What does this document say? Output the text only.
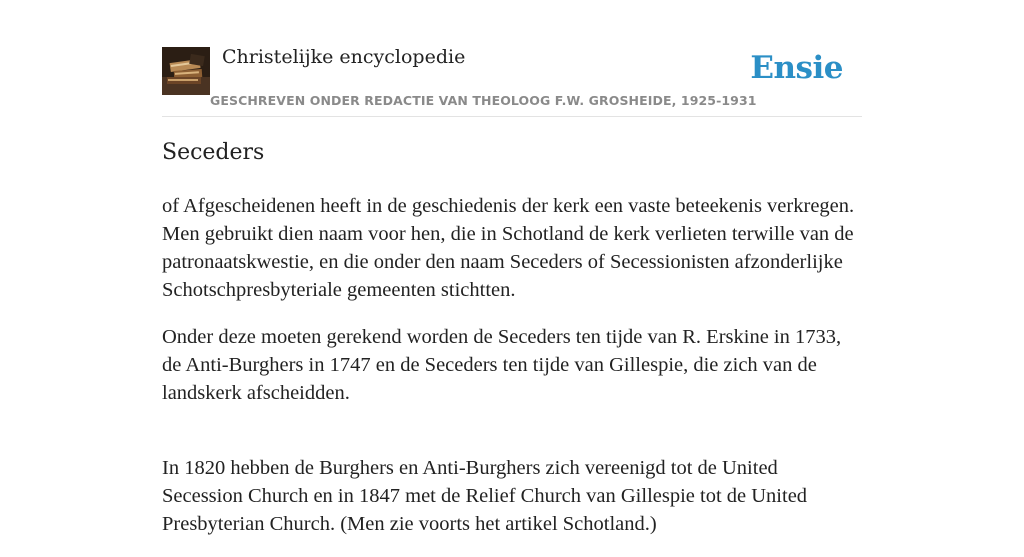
Christelijke encyclopedie
GESCHREVEN ONDER REDACTIE VAN THEOLOOG F.W. GROSHEIDE, 1925-1931
Ensie
Seceders

of Afgescheidenen heeft in de geschiedenis der kerk een vaste beteekenis verkregen. Men gebruikt dien naam voor hen, die in Schotland de kerk verlieten terwille van de patronaatskwestie, en die onder den naam Seceders of Secessionisten afzonderlijke Schotschpresbyteriale gemeenten stichtten.

Onder deze moeten gerekend worden de Seceders ten tijde van R. Erskine in 1733, de Anti-Burghers in 1747 en de Seceders ten tijde van Gillespie, die zich van de landskerk afscheidden.

In 1820 hebben de Burghers en Anti-Burghers zich vereenigd tot de United Secession Church en in 1847 met de Relief Church van Gillespie tot de United Presbyterian Church. (Men zie voorts het artikel Schotland.)
